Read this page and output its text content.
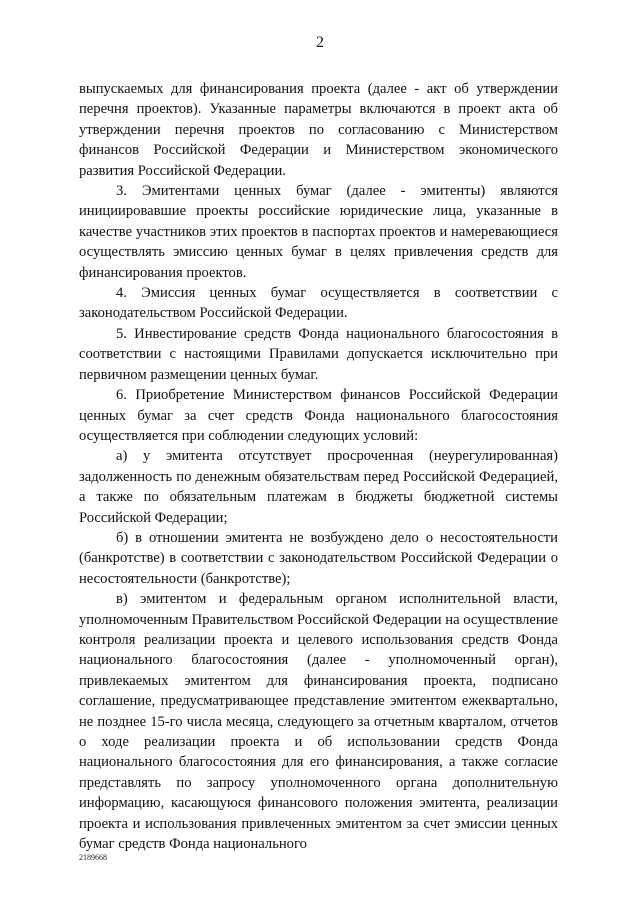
2

выпускаемых для финансирования проекта (далее - акт об утверждении перечня проектов). Указанные параметры включаются в проект акта об утверждении перечня проектов по согласованию с Министерством финансов Российской Федерации и Министерством экономического развития Российской Федерации.

3. Эмитентами ценных бумаг (далее - эмитенты) являются инициировавшие проекты российские юридические лица, указанные в качестве участников этих проектов в паспортах проектов и намеревающиеся осуществлять эмиссию ценных бумаг в целях привлечения средств для финансирования проектов.

4. Эмиссия ценных бумаг осуществляется в соответствии с законодательством Российской Федерации.

5. Инвестирование средств Фонда национального благосостояния в соответствии с настоящими Правилами допускается исключительно при первичном размещении ценных бумаг.

6. Приобретение Министерством финансов Российской Федерации ценных бумаг за счет средств Фонда национального благосостояния осуществляется при соблюдении следующих условий:

а) у эмитента отсутствует просроченная (неурегулированная) задолженность по денежным обязательствам перед Российской Федерацией, а также по обязательным платежам в бюджеты бюджетной системы Российской Федерации;

б) в отношении эмитента не возбуждено дело о несостоятельности (банкротстве) в соответствии с законодательством Российской Федерации о несостоятельности (банкротстве);

в) эмитентом и федеральным органом исполнительной власти, уполномоченным Правительством Российской Федерации на осуществление контроля реализации проекта и целевого использования средств Фонда национального благосостояния (далее - уполномоченный орган), привлекаемых эмитентом для финансирования проекта, подписано соглашение, предусматривающее представление эмитентом ежеквартально, не позднее 15-го числа месяца, следующего за отчетным кварталом, отчетов о ходе реализации проекта и об использовании средств Фонда национального благосостояния для его финансирования, а также согласие представлять по запросу уполномоченного органа дополнительную информацию, касающуюся финансового положения эмитента, реализации проекта и использования привлеченных эмитентом за счет эмиссии ценных бумаг средств Фонда национального

2189668
